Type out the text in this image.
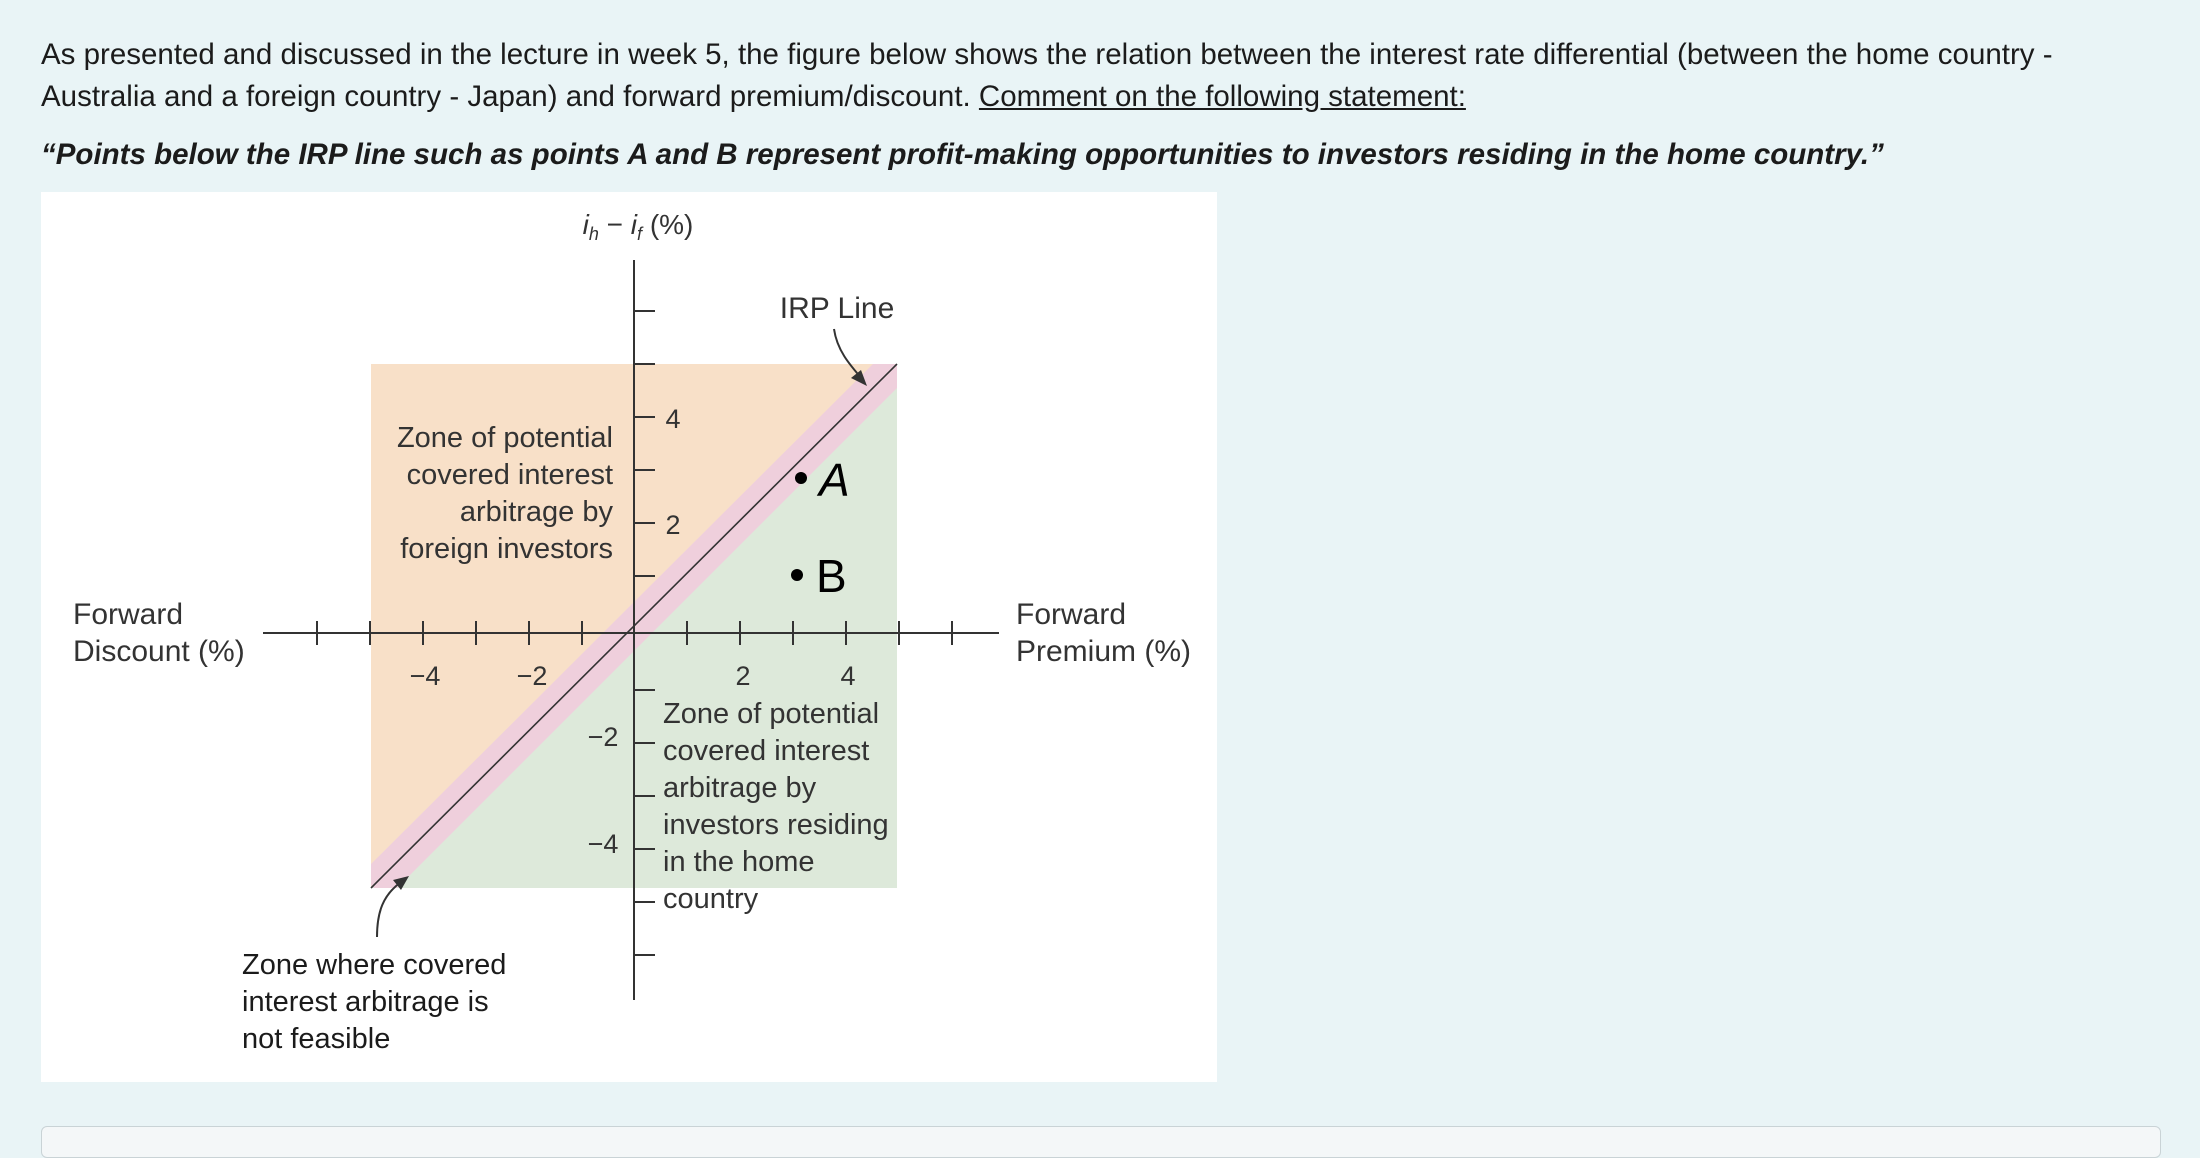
As presented and discussed in the lecture in week 5, the figure below shows the relation between the interest rate differential (between the home country - Australia and a foreign country - Japan) and forward premium/discount. Comment on the following statement:
“Points below the IRP line such as points A and B represent profit-making opportunities to investors residing in the home country.”
−4	−2	2	4
4
2
−2
−4
$i_h - i_f$ (%)
IRP Line
Forward
Discount (%)
Forward
Premium (%)
Zone of potential
covered interest
arbitrage by
foreign investors
Zone of potential
covered interest
arbitrage by
investors residing
in the home
country
Zone where covered
interest arbitrage is
not feasible
A
B
